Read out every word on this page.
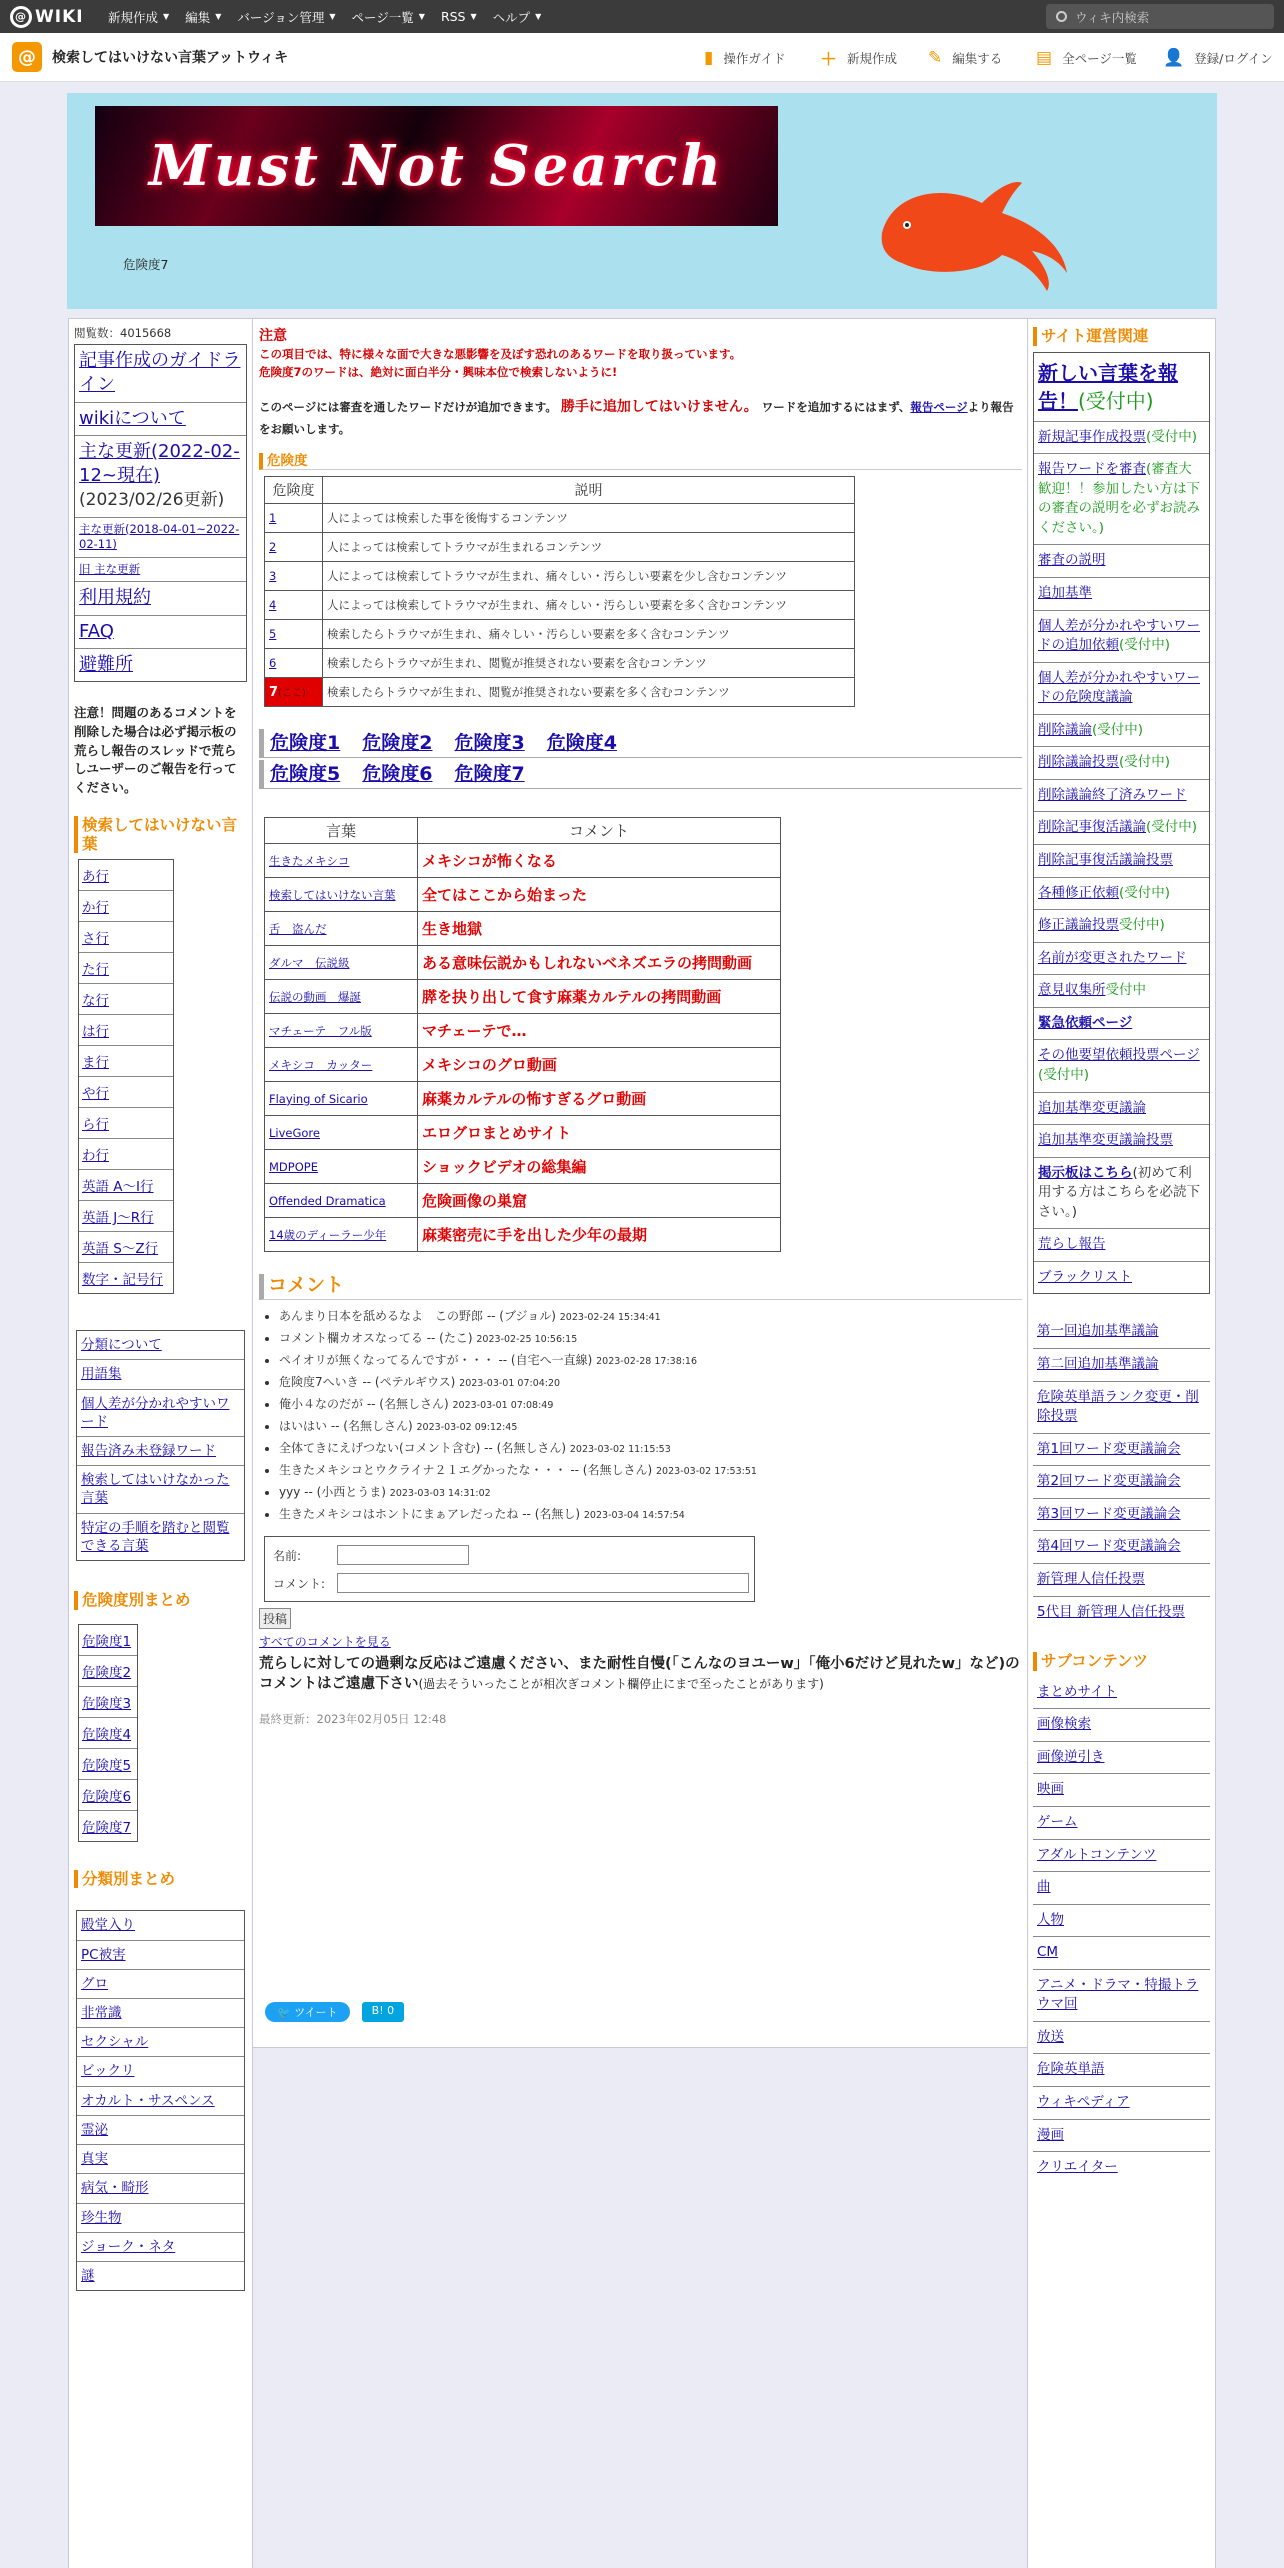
@ WIKI 新規作成 ▼ 編集 ▼ バージョン管理 ▼ ページ一覧 ▼ RSS ▼ ヘルプ ▼	ウィキ内検索
@	検索してはいけない言葉アットウィキ	▮ 操作ガイド ＋ 新規作成 ✎ 編集する ▤ 全ページ一覧 👤 登録/ログイン
Must Not Search
危険度7
閲覧数：4015668
記事作成のガイドライン
wikiについて
主な更新(2022-02-12~現在)
(2023/02/26更新)
主な更新(2018-04-01~2022-02-11)
旧 主な更新
利用規約
FAQ
避難所
注意！問題のあるコメントを削除した場合は必ず掲示板の荒らし報告のスレッドで荒らしユーザーのご報告を行ってください。
検索してはいけない言葉
あ行
か行
さ行
た行
な行
は行
ま行
や行
ら行
わ行
英語 A〜I行
英語 J〜R行
英語 S〜Z行
数字・記号行
分類について
用語集
個人差が分かれやすいワード
報告済み未登録ワード
検索してはいけなかった言葉
特定の手順を踏むと閲覧できる言葉
危険度別まとめ
危険度1
危険度2
危険度3
危険度4
危険度5
危険度6
危険度7
分類別まとめ
殿堂入り
PC被害
グロ
非常識
セクシャル
ビックリ
オカルト・サスペンス
霊泌
真実
病気・畸形
珍生物
ジョーク・ネタ
謎
注意
この項目では、特に様々な面で大きな悪影響を及ぼす恐れのあるワードを取り扱っています。
危険度7のワードは、絶対に面白半分・興味本位で検索しないように!
このページには審査を通したワードだけが追加できます。 勝手に追加してはいけません。 ワードを追加するにはまず、報告ページより報告をお願いします。
危険度
危険度	説明
1	人によっては検索した事を後悔するコンテンツ
2	人によっては検索してトラウマが生まれるコンテンツ
3	人によっては検索してトラウマが生まれ、痛々しい・汚らしい要素を少し含むコンテンツ
4	人によっては検索してトラウマが生まれ、痛々しい・汚らしい要素を多く含むコンテンツ
5	検索したらトラウマが生まれ、痛々しい・汚らしい要素を多く含むコンテンツ
6	検索したらトラウマが生まれ、閲覧が推奨されない要素を含むコンテンツ
7(ここ)	検索したらトラウマが生まれ、閲覧が推奨されない要素を多く含むコンテンツ
危険度1 危険度2 危険度3 危険度4
危険度5 危険度6 危険度7
言葉	コメント
生きたメキシコ	メキシコが怖くなる
検索してはいけない言葉	全てはここから始まった
舌　盗んだ	生き地獄
ダルマ　伝説級	ある意味伝説かもしれないベネズエラの拷問動画
伝説の動画　爆誕	膵を抉り出して食す麻薬カルテルの拷問動画
マチェーテ　フル版	マチェーテで…
メキシコ　カッター	メキシコのグロ動画
Flaying of Sicario	麻薬カルテルの怖すぎるグロ動画
LiveGore	エログロまとめサイト
MDPOPE	ショックビデオの総集編
Offended Dramatica	危険画像の巣窟
14歳のディーラー少年	麻薬密売に手を出した少年の最期
コメント
• あんまり日本を舐めるなよ　この野郎 -- (ブジョル) 2023-02-24 15:34:41
• コメント欄カオスなってる -- (たこ) 2023-02-25 10:56:15
• ペイオリが無くなってるんですが・・・ -- (自宅へ一直線) 2023-02-28 17:38:16
• 危険度7へいき -- (ペテルギウス) 2023-03-01 07:04:20
• 俺小４なのだが -- (名無しさん) 2023-03-01 07:08:49
• はいはい -- (名無しさん) 2023-03-02 09:12:45
• 全体てきにえげつない(コメント含む) -- (名無しさん) 2023-03-02 11:15:53
• 生きたメキシコとウクライナ２１エグかったな・・・ -- (名無しさん) 2023-03-02 17:53:51
• yyy -- (小西とうま) 2023-03-03 14:31:02
• 生きたメキシコはホントにまぁアレだったね -- (名無し) 2023-03-04 14:57:54
名前:
コメント:
投稿
すべてのコメントを見る
荒らしに対しての過剰な反応はご遠慮ください、また耐性自慢(「こんなのヨユーw」「俺小6だけど見れたw」など)のコメントはご遠慮下さい(過去そういったことが相次ぎコメント欄停止にまで至ったことがあります)
最終更新：2023年02月05日 12:48
🐦 ツイート	B! 0
サイト運営関連
新しい言葉を報告！(受付中)
新規記事作成投票(受付中)
報告ワードを審査(審査大歓迎！！参加したい方は下の審査の説明を必ずお読みください。)
審査の説明
追加基準
個人差が分かれやすいワードの追加依頼(受付中)
個人差が分かれやすいワードの危険度議論
削除議論(受付中)
削除議論投票(受付中)
削除議論終了済みワード
削除記事復活議論(受付中)
削除記事復活議論投票
各種修正依頼(受付中)
修正議論投票受付中)
名前が変更されたワード
意見収集所受付中
緊急依頼ページ
その他要望依頼投票ページ(受付中)
追加基準変更議論
追加基準変更議論投票
掲示板はこちら(初めて利用する方はこちらを必読下さい。)
荒らし報告
ブラックリスト
第一回追加基準議論
第二回追加基準議論
危険英単語ランク変更・削除投票
第1回ワード変更議論会
第2回ワード変更議論会
第3回ワード変更議論会
第4回ワード変更議論会
新管理人信任投票
5代目 新管理人信任投票
サブコンテンツ
まとめサイト
画像検索
画像逆引き
映画
ゲーム
アダルトコンテンツ
曲
人物
CM
アニメ・ドラマ・特撮トラウマ回
放送
危険英単語
ウィキペディア
漫画
クリエイター
